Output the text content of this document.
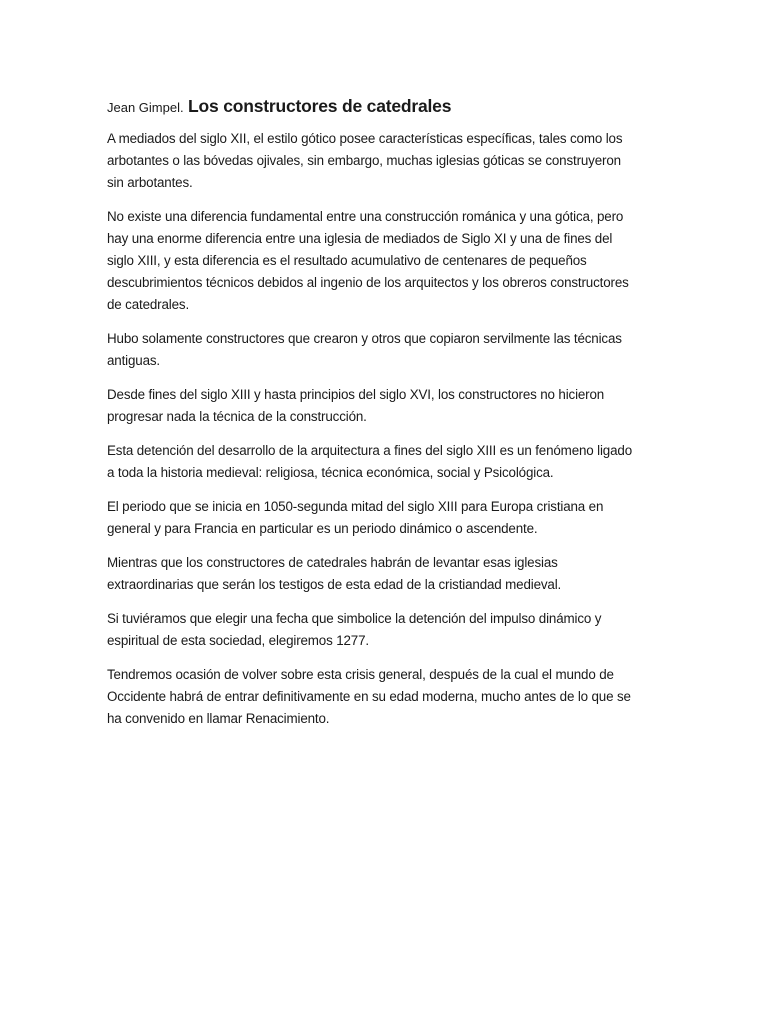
Jean Gimpel. Los constructores de catedrales

A mediados del siglo XII, el estilo gótico posee características específicas, tales como los
arbotantes o las bóvedas ojivales, sin embargo, muchas iglesias góticas se construyeron
sin arbotantes.

No existe una diferencia fundamental entre una construcción románica y una gótica, pero
hay una enorme diferencia entre una iglesia de mediados de Siglo XI y una de fines del
siglo XIII, y esta diferencia es el resultado acumulativo de centenares de pequeños
descubrimientos técnicos debidos al ingenio de los arquitectos y los obreros constructores
de catedrales.

Hubo solamente constructores que crearon y otros que copiaron servilmente las técnicas
antiguas.

Desde fines del siglo XIII y hasta principios del siglo XVI, los constructores no hicieron
progresar nada la técnica de la construcción.

Esta detención del desarrollo de la arquitectura a fines del siglo XIII es un fenómeno ligado
a toda la historia medieval: religiosa, técnica económica, social y Psicológica.

El periodo que se inicia en 1050-segunda mitad del siglo XIII para Europa cristiana en
general y para Francia en particular es un periodo dinámico o ascendente.

Mientras que los constructores de catedrales habrán de levantar esas iglesias
extraordinarias que serán los testigos de esta edad de la cristiandad medieval.

Si tuviéramos que elegir una fecha que simbolice la detención del impulso dinámico y
espiritual de esta sociedad, elegiremos 1277.

Tendremos ocasión de volver sobre esta crisis general, después de la cual el mundo de
Occidente habrá de entrar definitivamente en su edad moderna, mucho antes de lo que se
ha convenido en llamar Renacimiento.
